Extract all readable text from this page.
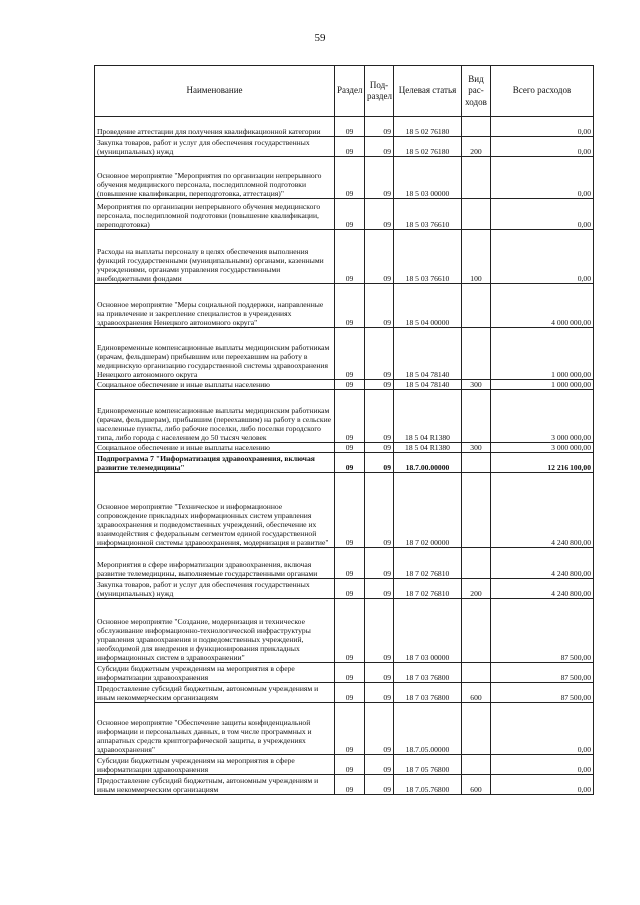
59
Наименование	Раздел	Под-раздел	Целевая статья	Вид рас-ходов	Всего расходов
Проведение аттестации для получения квалификационной категории	09	09	18 5 02 76180		0,00
Закупка товаров, работ и услуг для обеспечения государственных (муниципальных) нужд	09	09	18 5 02 76180	200	0,00
Основное мероприятие "Мероприятия по организации непрерывного обучения медицинского персонала, последипломной подготовки (повышение квалификации, переподготовка, аттестация)"	09	09	18 5 03 00000		0,00
Мероприятия по организации непрерывного обучения медицинского персонала, последипломной подготовки (повышение квалификации, переподготовка)	09	09	18 5 03 76610		0,00
Расходы на выплаты персоналу в целях обеспечения выполнения функций государственными (муниципальными) органами, казенными учреждениями, органами управления государственными внебюджетными фондами	09	09	18 5 03 76610	100	0,00
Основное мероприятие "Меры социальной поддержки, направленные на привлечение и закрепление специалистов в учреждениях здравоохранения Ненецкого автономного округа"	09	09	18 5 04 00000		4 000 000,00
Единовременные компенсационные выплаты медицинским работникам (врачам, фельдшерам) прибывшим или переехавшим на работу в медицинскую организацию государственной системы здравоохранения Ненецкого автономного округа	09	09	18 5 04 78140		1 000 000,00
Социальное обеспечение и иные выплаты населению	09	09	18 5 04 78140	300	1 000 000,00
Единовременные компенсационные выплаты медицинским работникам (врачам, фельдшерам), прибывшим (переехавшим) на работу в сельские населенные пункты, либо рабочие поселки, либо поселки городского типа, либо города с населением до 50 тысяч человек	09	09	18 5 04 R1380		3 000 000,00
Социальное обеспечение и иные выплаты населению	09	09	18 5 04 R1380	300	3 000 000,00
Подпрограмма 7 "Информатизация здравоохранения, включая развитие телемедицины"	09	09	18.7.00.00000		12 216 100,00
Основное мероприятие "Техническое и информационное сопровождение прикладных информационных систем управления здравоохранения и подведомственных учреждений, обеспечение их взаимодействия с федеральным сегментом единой государственной информационной системы здравоохранения, модернизация и развитие"	09	09	18 7 02 00000		4 240 800,00
Мероприятия в сфере информатизации здравоохранения, включая развитие телемедицины, выполняемые государственными органами	09	09	18 7 02 76810		4 240 800,00
Закупка товаров, работ и услуг для обеспечения государственных (муниципальных) нужд	09	09	18 7 02 76810	200	4 240 800,00
Основное мероприятие "Создание, модернизация и техническое обслуживание информационно-технологической инфраструктуры управления здравоохранения и подведомственных учреждений, необходимой для внедрения и функционирования прикладных информационных систем в здравоохранении"	09	09	18 7 03 00000		87 500,00
Субсидии бюджетным учреждениям на мероприятия в сфере информатизации здравоохранения	09	09	18 7 03 76800		87 500,00
Предоставление субсидий бюджетным, автономным учреждениям и иным некоммерческим организациям	09	09	18 7 03 76800	600	87 500,00
Основное мероприятие "Обеспечение защиты конфиденциальной информации и персональных данных, в том числе программных и аппаратных средств криптографической защиты, в учреждениях здравоохранения"	09	09	18.7.05.00000		0,00
Субсидии бюджетным учреждениям на мероприятия в сфере информатизации здравоохранения	09	09	18 7 05 76800		0,00
Предоставление субсидий бюджетным, автономным учреждениям и иным некоммерческим организациям	09	09	18 7.05.76800	600	0,00
